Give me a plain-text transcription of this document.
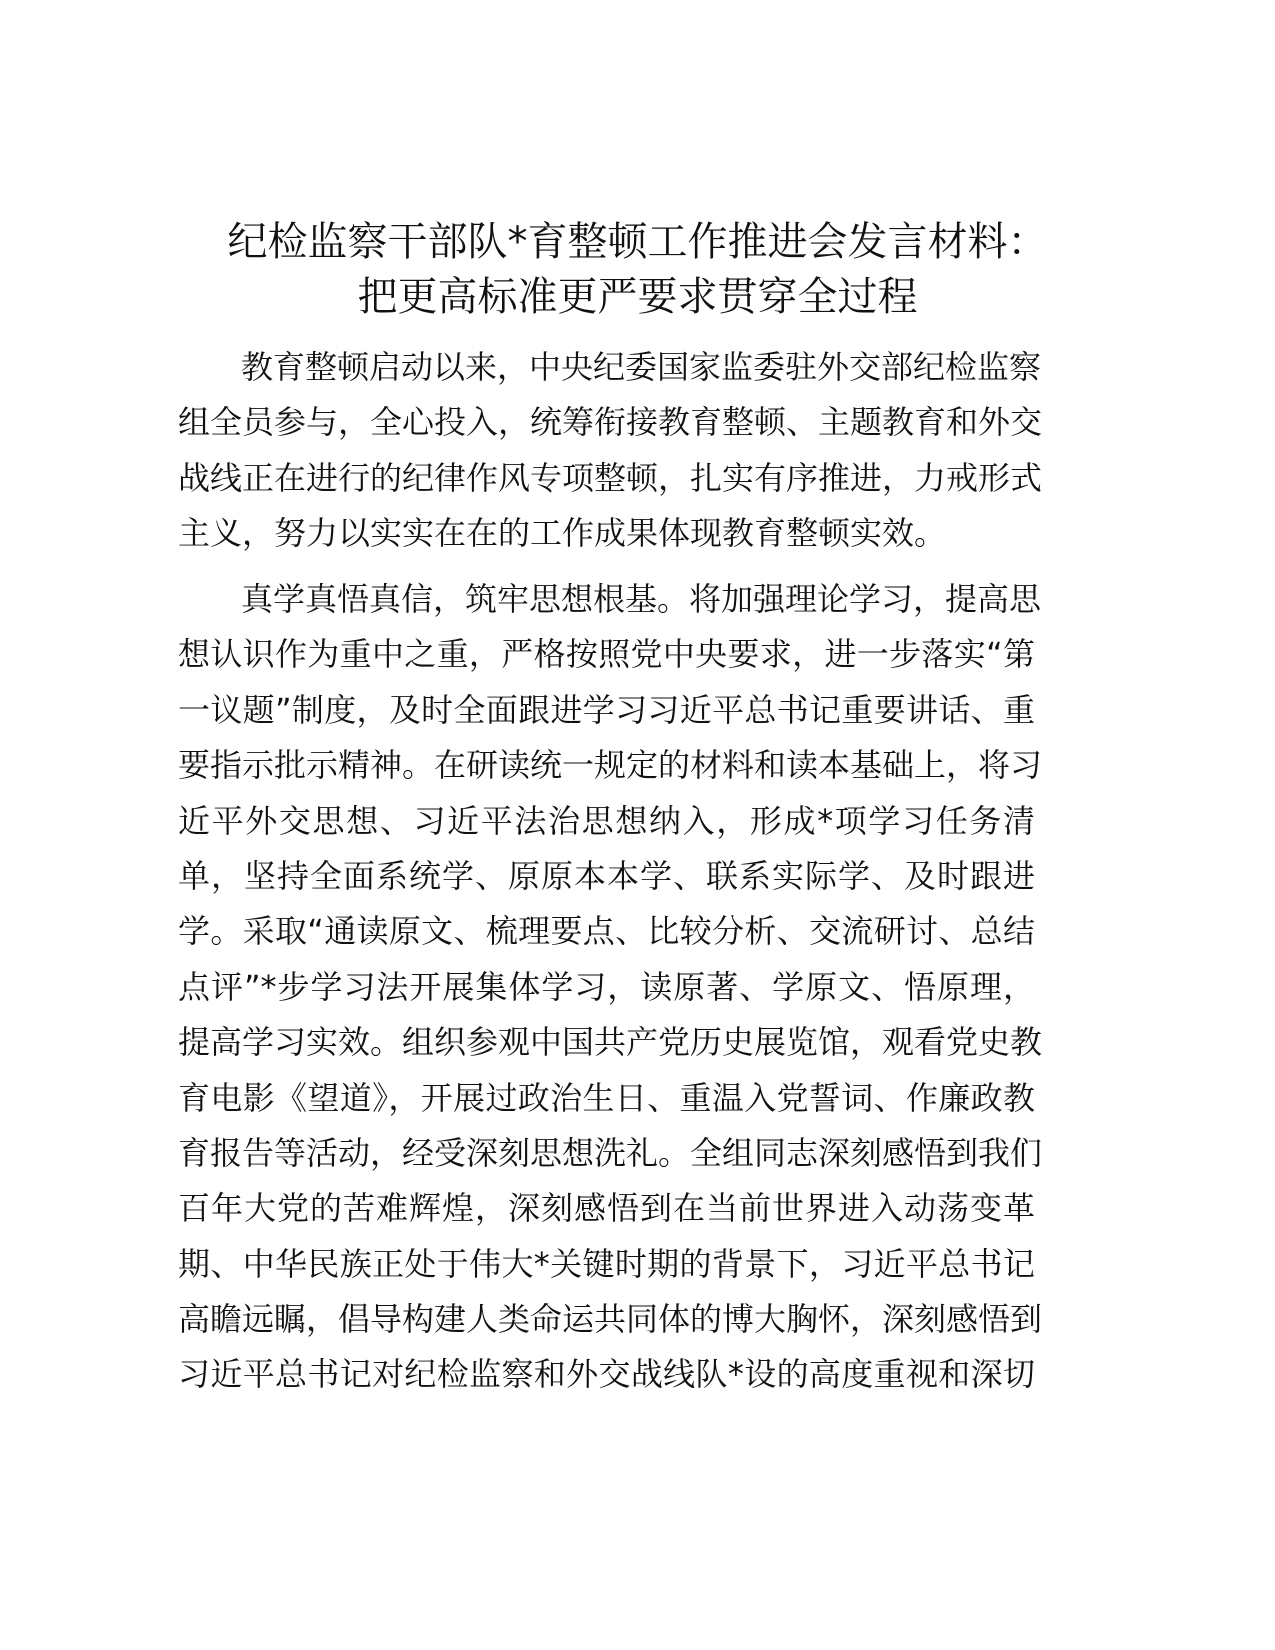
纪检监察干部队*育整顿工作推进会发言材料：
把更高标准更严要求贯穿全过程
教育整顿启动以来，中央纪委国家监委驻外交部纪检监察
组全员参与，全心投入，统筹衔接教育整顿、主题教育和外交
战线正在进行的纪律作风专项整顿，扎实有序推进，力戒形式
主义，努力以实实在在的工作成果体现教育整顿实效。
真学真悟真信，筑牢思想根基。将加强理论学习，提高思
想认识作为重中之重，严格按照党中央要求，进一步落实“第
一议题”制度，及时全面跟进学习习近平总书记重要讲话、重
要指示批示精神。在研读统一规定的材料和读本基础上，将习
近平外交思想、习近平法治思想纳入，形成*项学习任务清
单，坚持全面系统学、原原本本学、联系实际学、及时跟进
学。采取“通读原文、梳理要点、比较分析、交流研讨、总结
点评”*步学习法开展集体学习，读原著、学原文、悟原理，
提高学习实效。组织参观中国共产党历史展览馆，观看党史教
育电影《望道》，开展过政治生日、重温入党誓词、作廉政教
育报告等活动，经受深刻思想洗礼。全组同志深刻感悟到我们
百年大党的苦难辉煌，深刻感悟到在当前世界进入动荡变革
期、中华民族正处于伟大*关键时期的背景下，习近平总书记
高瞻远瞩，倡导构建人类命运共同体的博大胸怀，深刻感悟到
习近平总书记对纪检监察和外交战线队*设的高度重视和深切
